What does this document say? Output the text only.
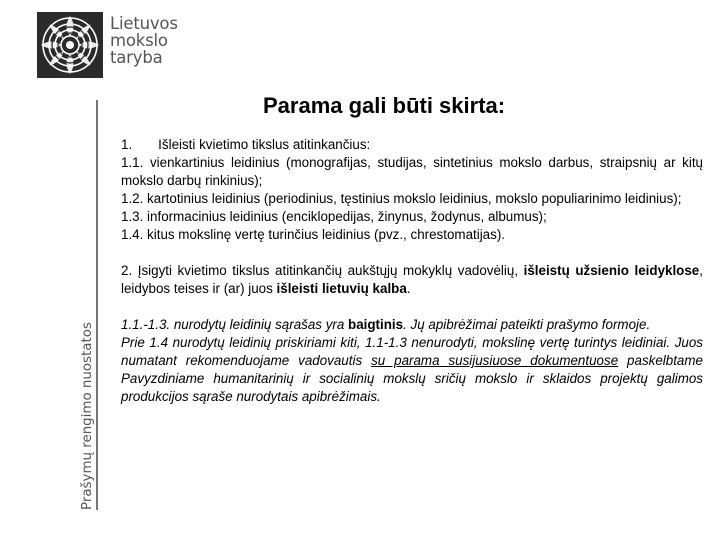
Lietuvos
mokslo
taryba
Prašymų rengimo nuostatos
Parama gali būti skirta:

1. Išleisti kvietimo tikslus atitinkančius:

1.1. vienkartinius leidinius (monografijas, studijas, sintetinius mokslo darbus, straipsnių ar kitų mokslo darbų rinkinius);

1.2. kartotinius leidinius (periodinius, tęstinius mokslo leidinius, mokslo populiarinimo leidinius);

1.3. informacinius leidinius (enciklopedijas, žinynus, žodynus, albumus);

1.4. kitus mokslinę vertę turinčius leidinius (pvz., chrestomatijas).

2. Įsigyti kvietimo tikslus atitinkančių aukštųjų mokyklų vadovėlių, išleistų užsienio leidyklose, leidybos teises ir (ar) juos išleisti lietuvių kalba.

1.1.-1.3. nurodytų leidinių sąrašas yra baigtinis. Jų apibrėžimai pateikti prašymo formoje.

Prie 1.4 nurodytų leidinių priskiriami kiti, 1.1-1.3 nenurodyti, mokslinę vertę turintys leidiniai. Juos numatant rekomenduojame vadovautis su parama susijusiuose dokumentuose paskelbtame Pavyzdiniame humanitarinių ir socialinių mokslų sričių mokslo ir sklaidos projektų galimos produkcijos sąraše nurodytais apibrėžimais.
